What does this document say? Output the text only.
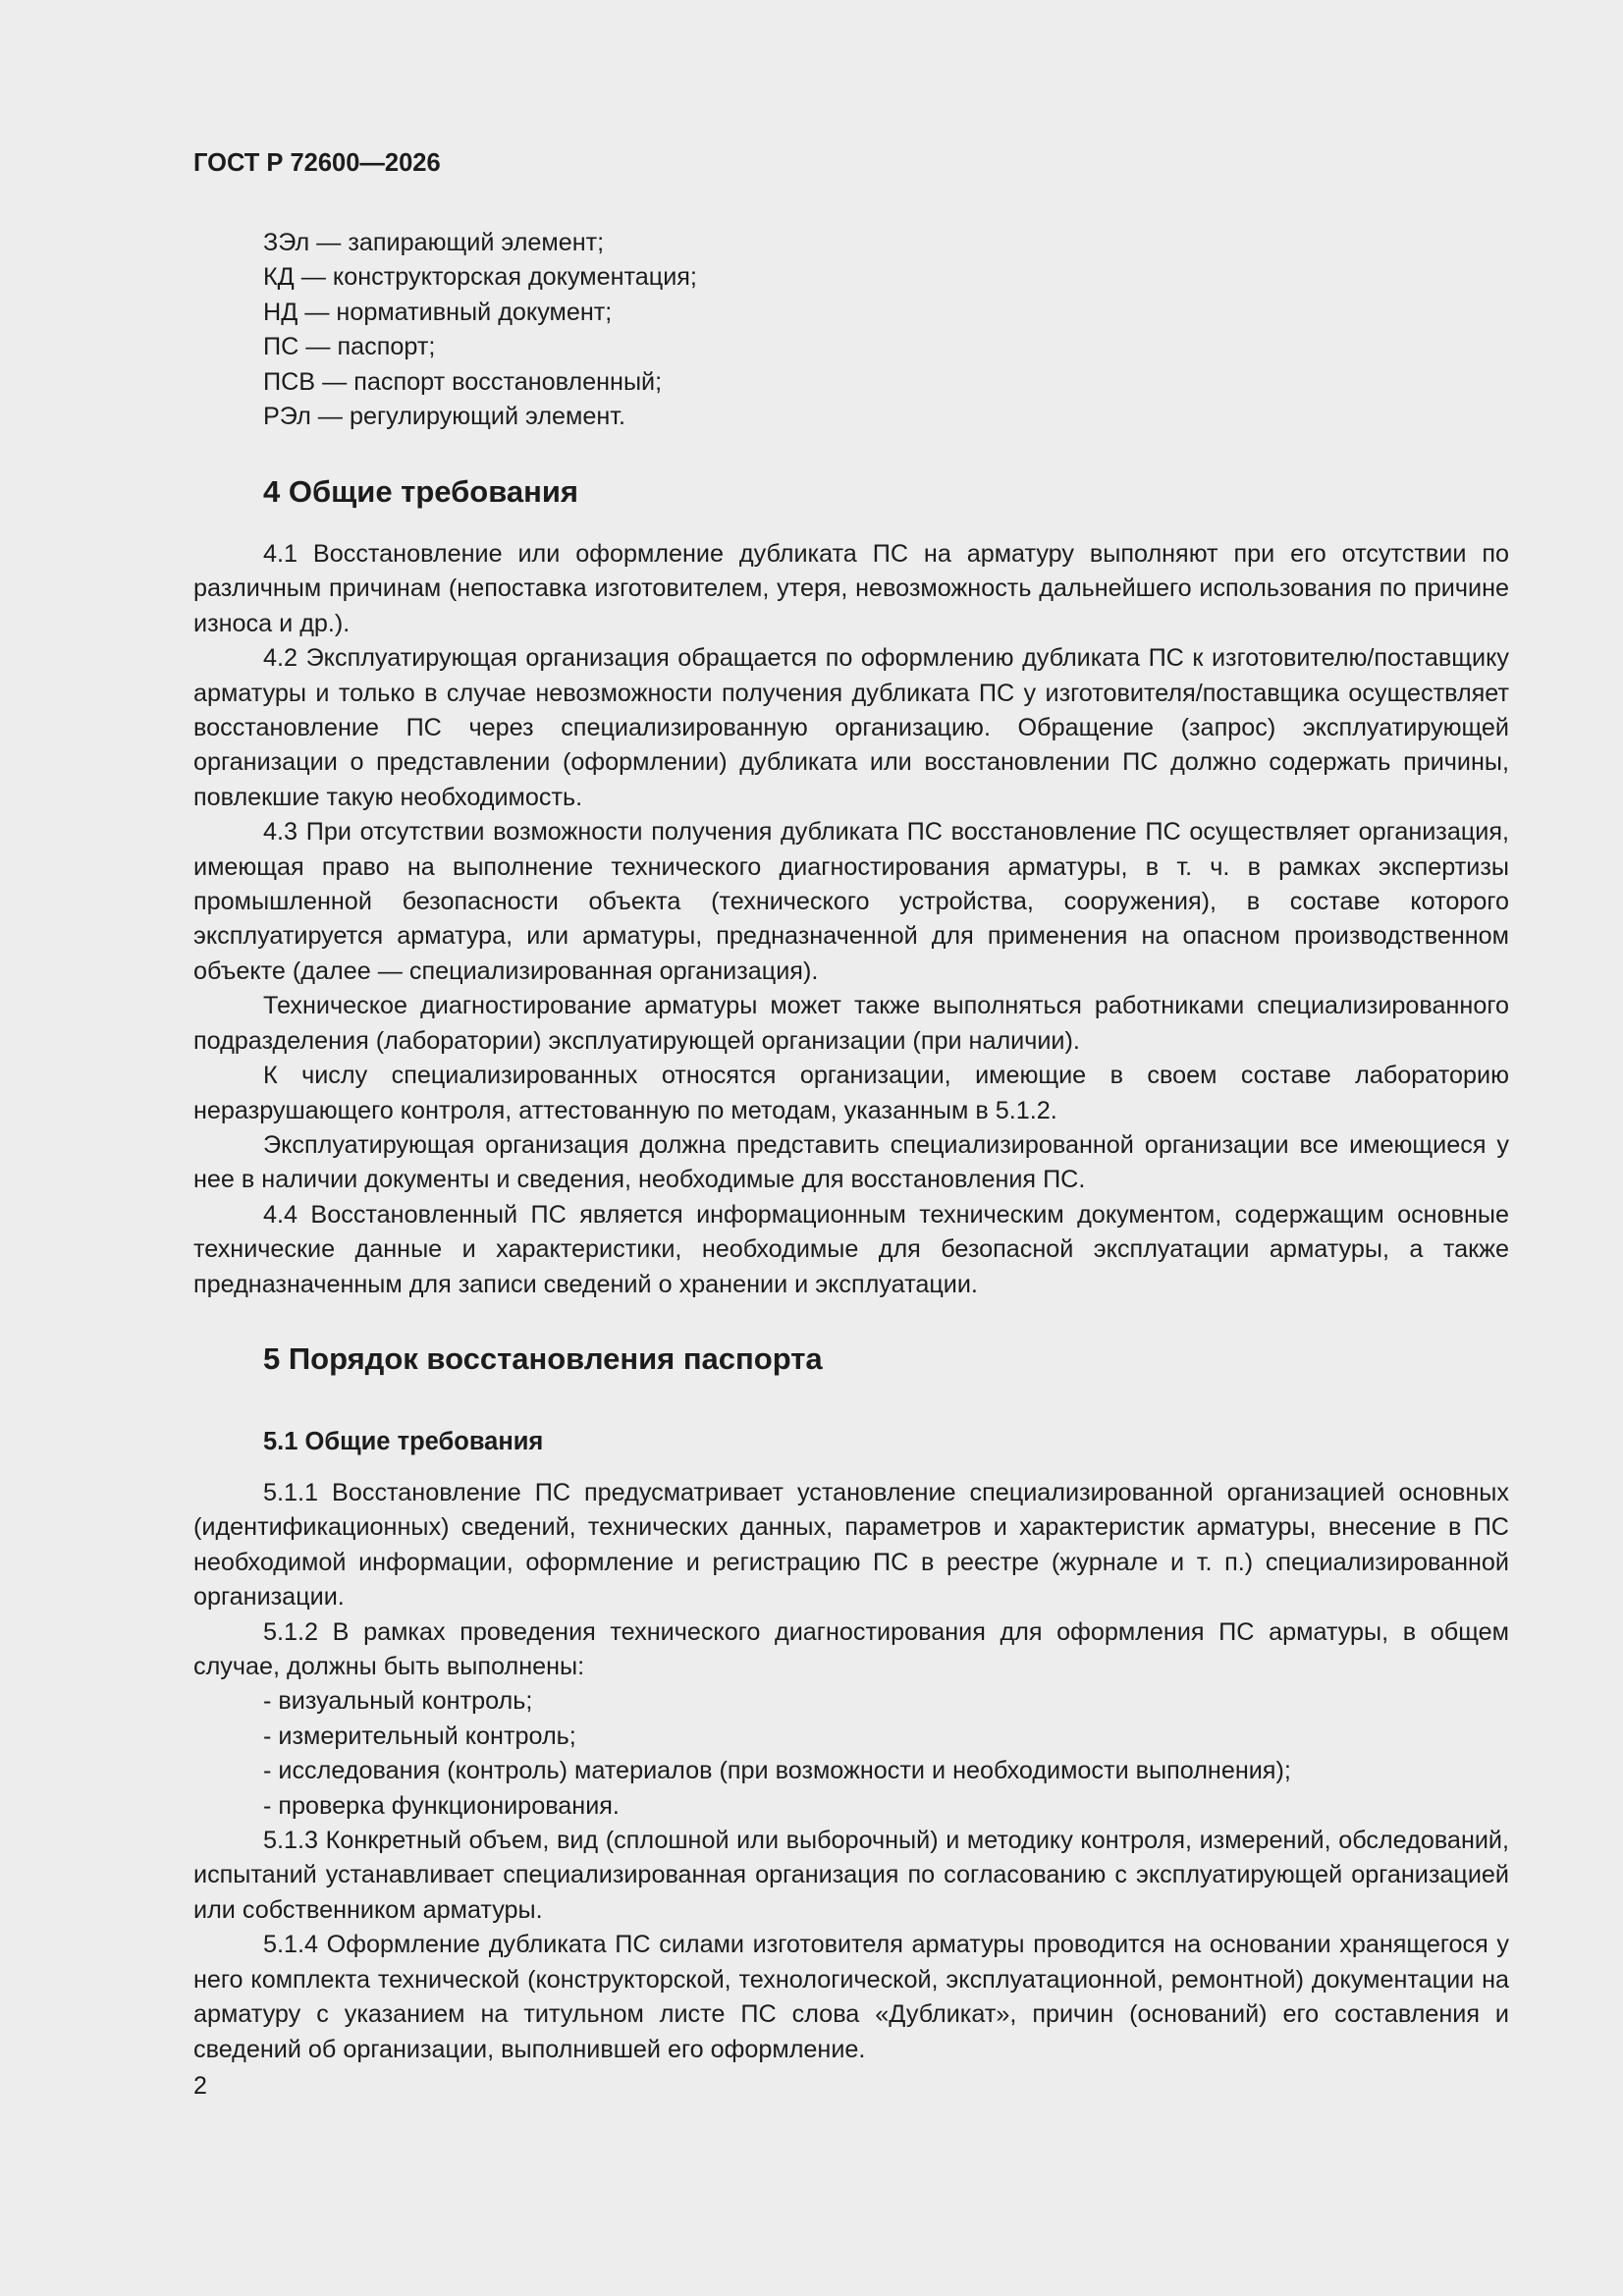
ГОСТ Р 72600—2026
ЗЭл — запирающий элемент;
КД — конструкторская документация;
НД — нормативный документ;
ПС — паспорт;
ПСВ — паспорт восстановленный;
РЭл — регулирующий элемент.
4 Общие требования

4.1 Восстановление или оформление дубликата ПС на арматуру выполняют при его отсутствии по различным причинам (непоставка изготовителем, утеря, невозможность дальнейшего использования по причине износа и др.).

4.2 Эксплуатирующая организация обращается по оформлению дубликата ПС к изготовителю/поставщику арматуры и только в случае невозможности получения дубликата ПС у изготовителя/поставщика осуществляет восстановление ПС через специализированную организацию. Обращение (запрос) эксплуатирующей организации о представлении (оформлении) дубликата или восстановлении ПС должно содержать причины, повлекшие такую необходимость.

4.3 При отсутствии возможности получения дубликата ПС восстановление ПС осуществляет организация, имеющая право на выполнение технического диагностирования арматуры, в т. ч. в рамках экспертизы промышленной безопасности объекта (технического устройства, сооружения), в составе которого эксплуатируется арматура, или арматуры, предназначенной для применения на опасном производственном объекте (далее — специализированная организация).

Техническое диагностирование арматуры может также выполняться работниками специализированного подразделения (лаборатории) эксплуатирующей организации (при наличии).

К числу специализированных относятся организации, имеющие в своем составе лабораторию неразрушающего контроля, аттестованную по методам, указанным в 5.1.2.

Эксплуатирующая организация должна представить специализированной организации все имеющиеся у нее в наличии документы и сведения, необходимые для восстановления ПС.

4.4 Восстановленный ПС является информационным техническим документом, содержащим основные технические данные и характеристики, необходимые для безопасной эксплуатации арматуры, а также предназначенным для записи сведений о хранении и эксплуатации.

5 Порядок восстановления паспорта
5.1 Общие требования

5.1.1 Восстановление ПС предусматривает установление специализированной организацией основных (идентификационных) сведений, технических данных, параметров и характеристик арматуры, внесение в ПС необходимой информации, оформление и регистрацию ПС в реестре (журнале и т. п.) специализированной организации.

5.1.2 В рамках проведения технического диагностирования для оформления ПС арматуры, в общем случае, должны быть выполнены:

- визуальный контроль;

- измерительный контроль;

- исследования (контроль) материалов (при возможности и необходимости выполнения);

- проверка функционирования.

5.1.3 Конкретный объем, вид (сплошной или выборочный) и методику контроля, измерений, обследований, испытаний устанавливает специализированная организация по согласованию с эксплуатирующей организацией или собственником арматуры.

5.1.4 Оформление дубликата ПС силами изготовителя арматуры проводится на основании хранящегося у него комплекта технической (конструкторской, технологической, эксплуатационной, ремонтной) документации на арматуру с указанием на титульном листе ПС слова «Дубликат», причин (оснований) его составления и сведений об организации, выполнившей его оформление.

2
